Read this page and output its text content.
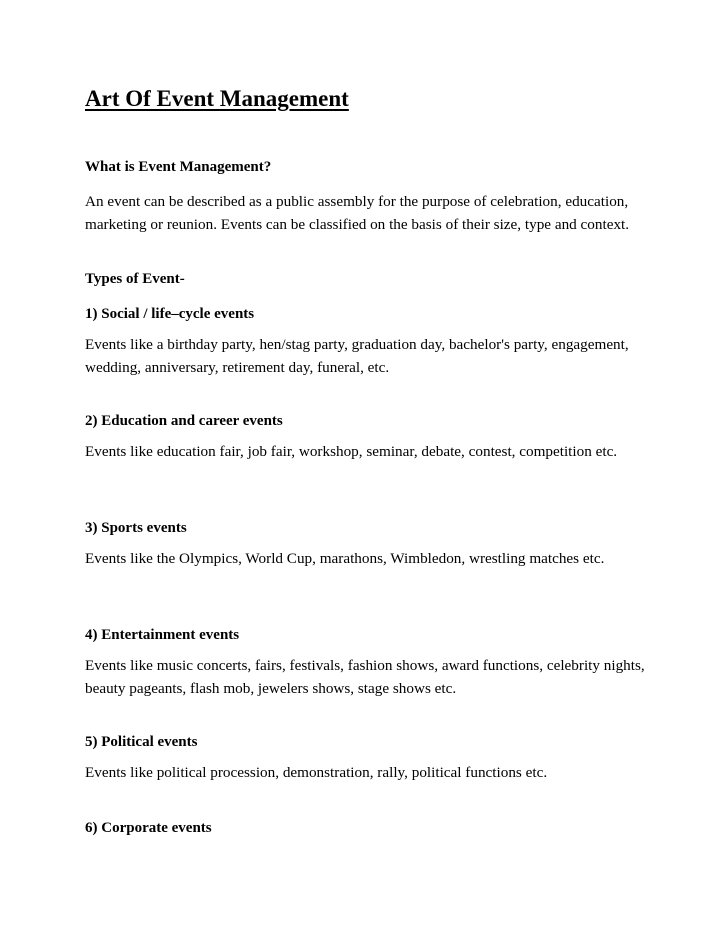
Art Of Event Management
What is Event Management?

An event can be described as a public assembly for the purpose of celebration, education, marketing or reunion. Events can be classified on the basis of their size, type and context.

Types of Event-
1) Social / life–cycle events

Events like a birthday party, hen/stag party, graduation day, bachelor's party, engagement, wedding, anniversary, retirement day, funeral, etc.

2) Education and career events

Events like education fair, job fair, workshop, seminar, debate, contest, competition etc.

3) Sports events

Events like the Olympics, World Cup, marathons, Wimbledon, wrestling matches etc.

4) Entertainment events

Events like music concerts, fairs, festivals, fashion shows, award functions, celebrity nights, beauty pageants, flash mob, jewelers shows, stage shows etc.

5) Political events

Events like political procession, demonstration, rally, political functions etc.

6) Corporate events
